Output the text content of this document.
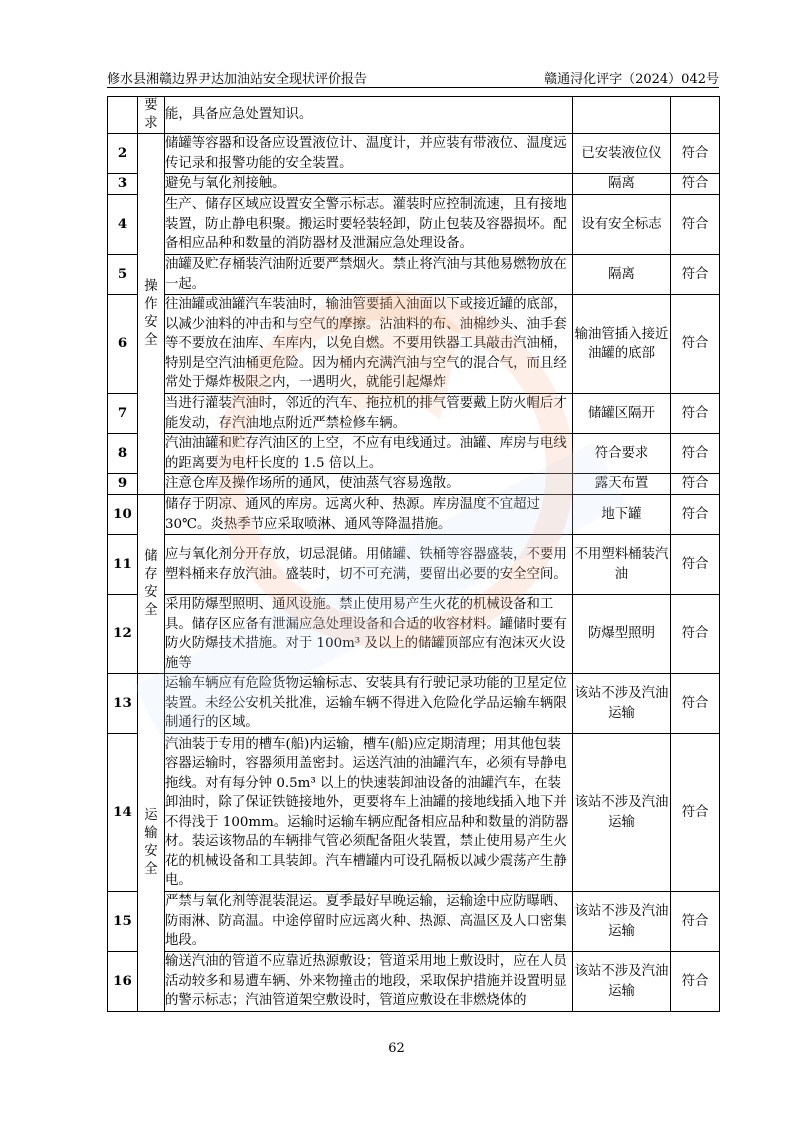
修水县湘赣边界尹达加油站安全现状评价报告	赣通浔化评字（2024）042号
	要求	能，具备应急处置知识。		
2	操作安全	储罐等容器和设备应设置液位计、温度计，并应装有带液位、温度远传记录和报警功能的安全装置。	已安装液位仪	符合
3		避免与氧化剂接触。	隔离	符合
4		生产、储存区域应设置安全警示标志。灌装时应控制流速，且有接地装置，防止静电积聚。搬运时要轻装轻卸，防止包装及容器损坏。配备相应品种和数量的消防器材及泄漏应急处理设备。	设有安全标志	符合
5		油罐及贮存桶装汽油附近要严禁烟火。禁止将汽油与其他易燃物放在一起。	隔离	符合
6		往油罐或油罐汽车装油时，输油管要插入油面以下或接近罐的底部，以减少油料的冲击和与空气的摩擦。沾油料的布、油棉纱头、油手套等不要放在油库、车库内，以免自燃。不要用铁器工具敲击汽油桶，特别是空汽油桶更危险。因为桶内充满汽油与空气的混合气，而且经常处于爆炸极限之内，一遇明火，就能引起爆炸	输油管插入接近油罐的底部	符合
7		当进行灌装汽油时，邻近的汽车、拖拉机的排气管要戴上防火帽后才能发动，存汽油地点附近严禁检修车辆。	储罐区隔开	符合
8		汽油油罐和贮存汽油区的上空，不应有电线通过。油罐、库房与电线的距离要为电杆长度的 1.5 倍以上。	符合要求	符合
9		注意仓库及操作场所的通风，使油蒸气容易逸散。	露天布置	符合
10	储存安全	储存于阴凉、通风的库房。远离火种、热源。库房温度不宜超过 30℃。炎热季节应采取喷淋、通风等降温措施。	地下罐	符合
11		应与氧化剂分开存放，切忌混储。用储罐、铁桶等容器盛装，不要用塑料桶来存放汽油。盛装时，切不可充满，要留出必要的安全空间。	不用塑料桶装汽油	符合
12		采用防爆型照明、通风设施。禁止使用易产生火花的机械设备和工具。储存区应备有泄漏应急处理设备和合适的收容材料。罐储时要有防火防爆技术措施。对于 100m³ 及以上的储罐顶部应有泡沫灭火设施等	防爆型照明	符合
13	运输安全	运输车辆应有危险货物运输标志、安装具有行驶记录功能的卫星定位装置。未经公安机关批准，运输车辆不得进入危险化学品运输车辆限制通行的区域。	该站不涉及汽油运输	符合
14		汽油装于专用的槽车(船)内运输，槽车(船)应定期清理；用其他包装容器运输时，容器须用盖密封。运送汽油的油罐汽车，必须有导静电拖线。对有每分钟 0.5m³ 以上的快速装卸油设备的油罐汽车，在装卸油时，除了保证铁链接地外，更要将车上油罐的接地线插入地下并不得浅于 100mm。运输时运输车辆应配备相应品种和数量的消防器材。装运该物品的车辆排气管必须配备阻火装置，禁止使用易产生火花的机械设备和工具装卸。汽车槽罐内可设孔隔板以减少震荡产生静电。	该站不涉及汽油运输	符合
15		严禁与氧化剂等混装混运。夏季最好早晚运输，运输途中应防曝晒、防雨淋、防高温。中途停留时应远离火种、热源、高温区及人口密集地段。	该站不涉及汽油运输	符合
16		输送汽油的管道不应靠近热源敷设；管道采用地上敷设时，应在人员活动较多和易遭车辆、外来物撞击的地段，采取保护措施并设置明显的警示标志；汽油管道架空敷设时，管道应敷设在非燃烧体的	该站不涉及汽油运输	符合
62
